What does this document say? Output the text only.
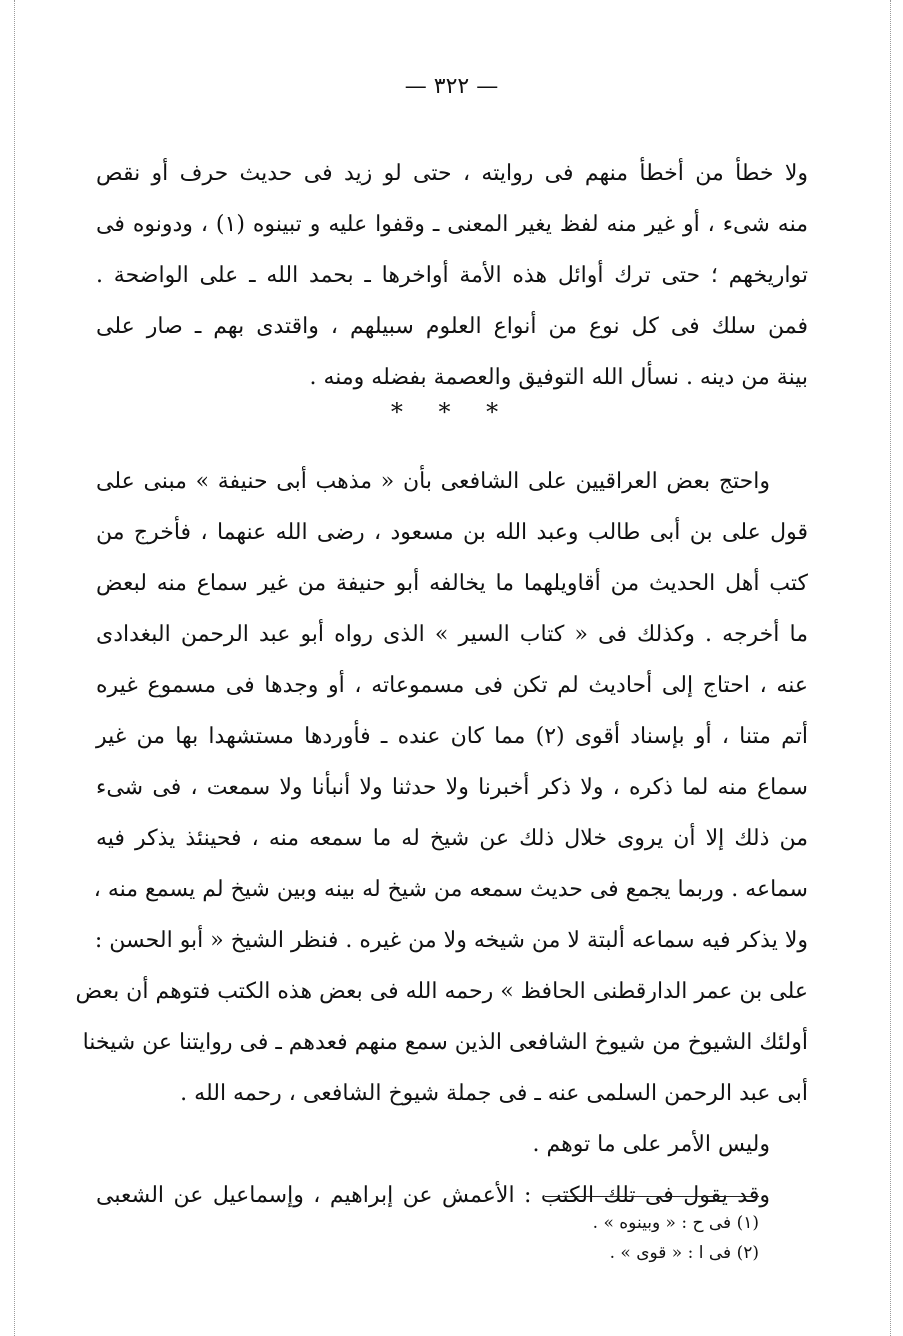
— ٣٢٢ —
ولا خطأ من أخطأ منهم فى روايته ، حتى لو زيد فى حديث حرف أو نقص
منه شىء ، أو غير منه لفظ يغير المعنى ـ وقفوا عليه و تبينوه (١) ، ودونوه فى
تواريخهم ؛ حتى ترك أوائل هذه الأمة أواخرها ـ بحمد الله ـ على الواضحة .
فمن سلك فى كل نوع من أنواع العلوم سبيلهم ، واقتدى بهم ـ صار على
بينة من دينه . نسأل الله التوفيق والعصمة بفضله ومنه .
* * *
واحتج بعض العراقيين على الشافعى بأن « مذهب أبى حنيفة » مبنى على
قول على بن أبى طالب وعبد الله بن مسعود ، رضى الله عنهما ، فأخرج من
كتب أهل الحديث من أقاويلهما ما يخالفه أبو حنيفة من غير سماع منه لبعض
ما أخرجه . وكذلك فى « كتاب السير » الذى رواه أبو عبد الرحمن البغدادى
عنه ، احتاج إلى أحاديث لم تكن فى مسموعاته ، أو وجدها فى مسموع غيره
أتم متنا ، أو بإسناد أقوى (٢) مما كان عنده ـ فأوردها مستشهدا بها من غير
سماع منه لما ذكره ، ولا ذكر أخبرنا ولا حدثنا ولا أنبأنا ولا سمعت ، فى شىء
من ذلك إلا أن يروى خلال ذلك عن شيخ له ما سمعه منه ، فحينئذ يذكر فيه
سماعه . وربما يجمع فى حديث سمعه من شيخ له بينه وبين شيخ لم يسمع منه ،
ولا يذكر فيه سماعه ألبتة لا من شيخه ولا من غيره . فنظر الشيخ « أبو الحسن :
على بن عمر الدارقطنى الحافظ » رحمه الله فى بعض هذه الكتب فتوهم أن بعض
أولئك الشيوخ من شيوخ الشافعى الذين سمع منهم فعدهم ـ فى روايتنا عن شيخنا
أبى عبد الرحمن السلمى عنه ـ فى جملة شيوخ الشافعى ، رحمه الله .
وليس الأمر على ما توهم .
وقد يقول فى تلك الكتب : الأعمش عن إبراهيم ، وإسماعيل عن الشعبى
(١) فى ح : « وبينوه » .
(٢) فى ا : « قوى » .
